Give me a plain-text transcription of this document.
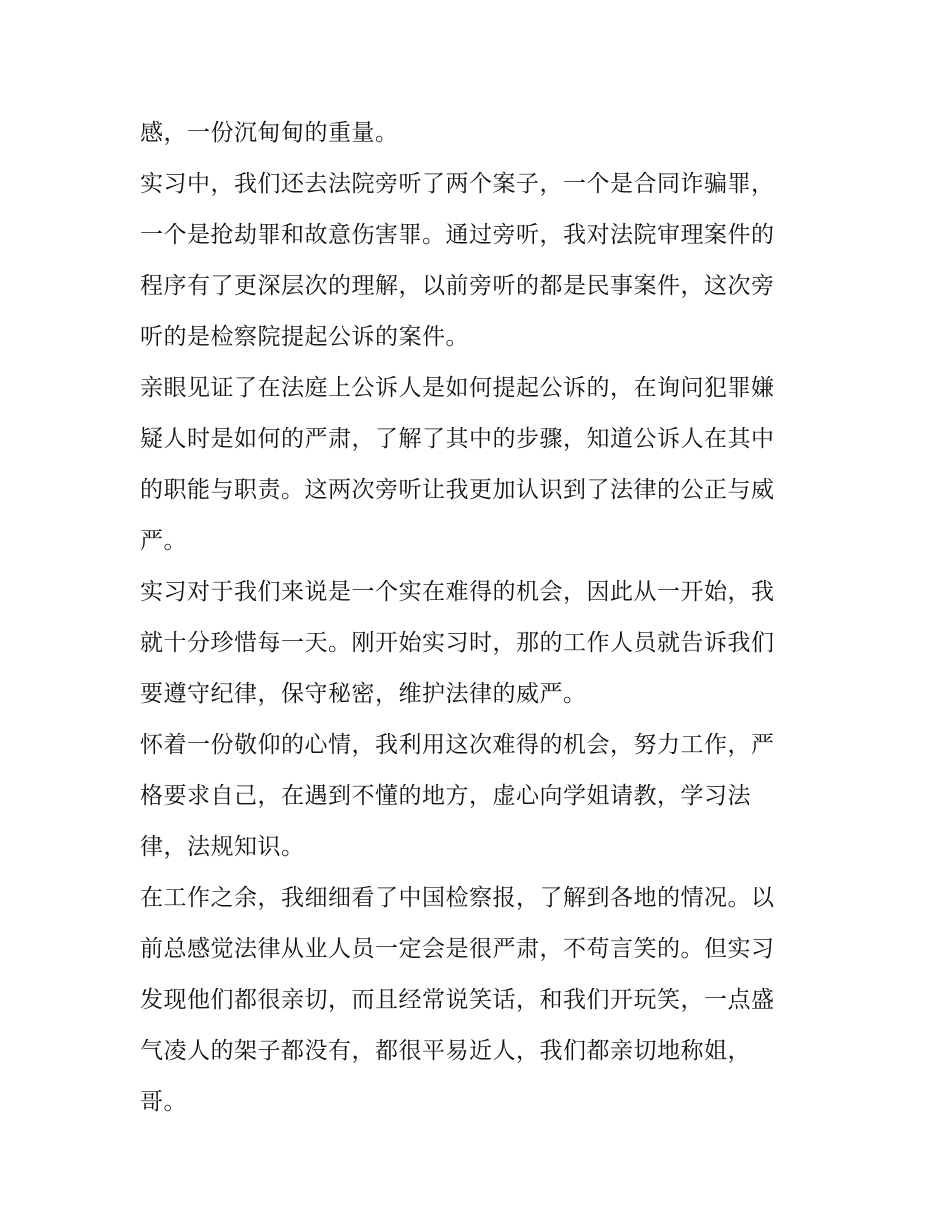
感，一份沉甸甸的重量。
实习中，我们还去法院旁听了两个案子，一个是合同诈骗罪，
一个是抢劫罪和故意伤害罪。通过旁听，我对法院审理案件的
程序有了更深层次的理解，以前旁听的都是民事案件，这次旁
听的是检察院提起公诉的案件。
亲眼见证了在法庭上公诉人是如何提起公诉的，在询问犯罪嫌
疑人时是如何的严肃，了解了其中的步骤，知道公诉人在其中
的职能与职责。这两次旁听让我更加认识到了法律的公正与威
严。
实习对于我们来说是一个实在难得的机会，因此从一开始，我
就十分珍惜每一天。刚开始实习时，那的工作人员就告诉我们
要遵守纪律，保守秘密，维护法律的威严。
怀着一份敬仰的心情，我利用这次难得的机会，努力工作，严
格要求自己，在遇到不懂的地方，虚心向学姐请教，学习法
律，法规知识。
在工作之余，我细细看了中国检察报，了解到各地的情况。以
前总感觉法律从业人员一定会是很严肃，不苟言笑的。但实习
发现他们都很亲切，而且经常说笑话，和我们开玩笑，一点盛
气凌人的架子都没有，都很平易近人，我们都亲切地称姐，
哥。
